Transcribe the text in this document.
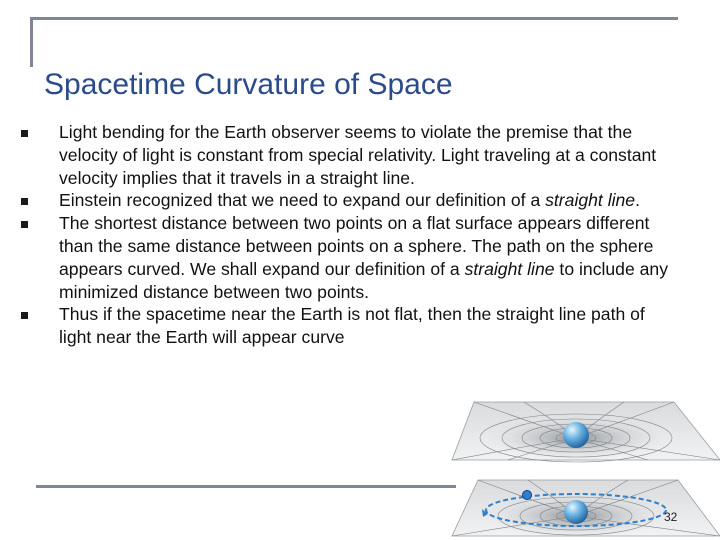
Spacetime Curvature of Space
Light bending for the Earth observer seems to violate the premise that the velocity of light is constant from special relativity. Light traveling at a constant velocity implies that it travels in a straight line.
Einstein recognized that we need to expand our definition of a straight line.
The shortest distance between two points on a flat surface appears different than the same distance between points on a sphere. The path on the sphere appears curved. We shall expand our definition of a straight line to include any minimized distance between two points.
Thus if the spacetime near the Earth is not flat, then the straight line path of light near the Earth will appear curve
32
